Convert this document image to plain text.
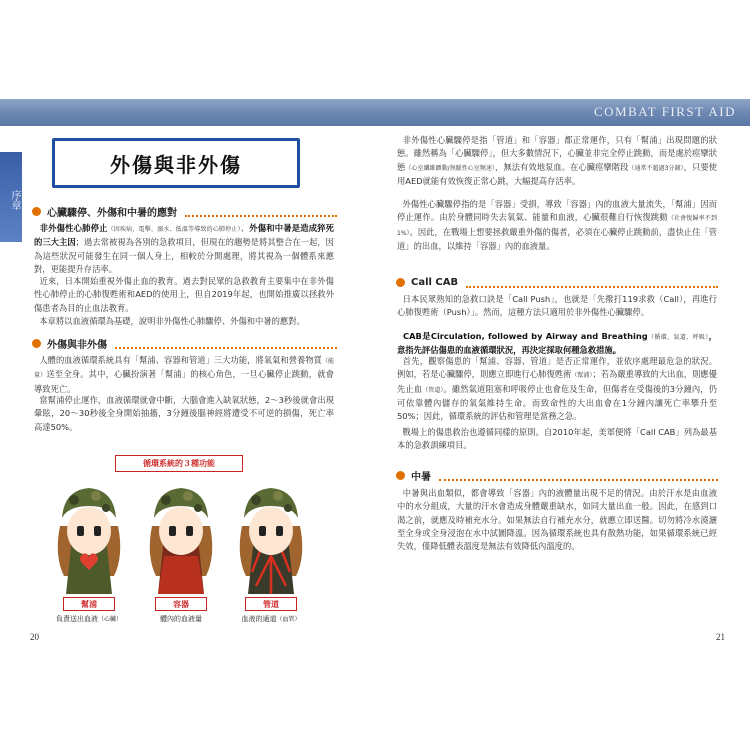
COMBAT FIRST AID
序章
外傷與非外傷
心臟驟停、外傷和中暑的應對
非外傷性心肺停止（因疾病、電擊、溺水、低溫等導致的心肺停止）、外傷和中暑是造成猝死的三大主因；過去常被視為各別的急救項目，但現在的趨勢是將其整合在一起，因為這些狀況可能發生在同一個人身上，相較於分開處理，將其視為一個體系來應對，更能提升存活率。
近來，日本開始重視外傷止血的教育。過去對民眾的急救教育主要集中在非外傷性心肺停止的心肺復甦術和AED的使用上，但自2019年起，也開始推廣以拯救外傷患者為目的止血法教育。
本章將以血液循環為基礎，說明非外傷性心肺驟停、外傷和中暑的應對。
外傷與非外傷
人體的血液循環系統具有「幫浦、容器和管道」三大功能，將氧氣和營養物質（能量）送至全身。其中，心臟扮演著「幫浦」的核心角色，一旦心臟停止跳動，就會導致死亡。
當幫浦停止運作，血液循環就會中斷，大腦會進入缺氧狀態，2～3秒後就會出現暈眩，20～30秒後全身開始抽搐，3分鐘後腦神經將遭受不可逆的損傷，死亡率高達50%。
循環系統的３種功能
幫浦	容器	管道
負責送出血液（心臟）	體內的血液量	血液的通道（血管）
20
非外傷性心臟驟停是指「管道」和「容器」都正常運作，只有「幫浦」出現問題的狀態。雖然稱為「心臟驟停」，但大多數情況下，心臟並非完全停止跳動，而是處於痙攣狀態（心室纖維顫動/無脈性心室頻速），無法有效地泵血。在心臟痙攣階段（通常不超過3分鐘），只要使用AED就能有效恢復正常心跳，大幅提高存活率。
外傷性心臟驟停指的是「容器」受損，導致「容器」內的血液大量流失，「幫浦」因而停止運作。由於身體同時失去氧氣、能量和血液，心臟很難自行恢復跳動（社會復歸率不到1%）。因此，在戰場上想要拯救嚴重外傷的傷者，必須在心臟停止跳動前，盡快止住「管道」的出血，以維持「容器」內的血液量。
Call CAB
日本民眾熟知的急救口訣是「Call Push」，也就是「先撥打119求救（Call），再進行心肺復甦術（Push）」。然而，這種方法只適用於非外傷性心臟驟停。
CAB是Circulation, followed by Airway and Breathing（循環、氣道、呼吸），意指先評估傷患的血液循環狀況，再決定採取何種急救措施。
首先，觀察傷患的「幫浦、容器、管道」是否正常運作，並依序處理最危急的狀況。例如，若是心臟驟停，則應立即進行心肺復甦術（幫浦）；若為嚴重導致的大出血，則應優先止血（管道）。雖然氣道阻塞和呼吸停止也會危及生命，但傷者在受傷後的3分鐘內，仍可依靠體內儲存的氧氣維持生命。而致命性的大出血會在1分鐘內讓死亡率攀升至50%；因此，循環系統的評估和管理是當務之急。
戰場上的傷患救治也遵循同樣的原則。自2010年起，美軍便將「Call CAB」列為最基本的急救訓練項目。
中暑
中暑與出血類似，都會導致「容器」內的液體量出現不足的情況。由於汗水是由血液中的水分組成，大量的汗水會造成身體嚴重缺水，如同大量出血一般。因此，在感到口渴之前，就應及時補充水分。如果無法自行補充水分，就應立即送醫。切勿將冷水澆灑至全身或全身浸泡在水中試圖降溫。因為循環系統也具有散熱功能，如果循環系統已經失效，僅降低體表溫度是無法有效降低內溫度的。
21
